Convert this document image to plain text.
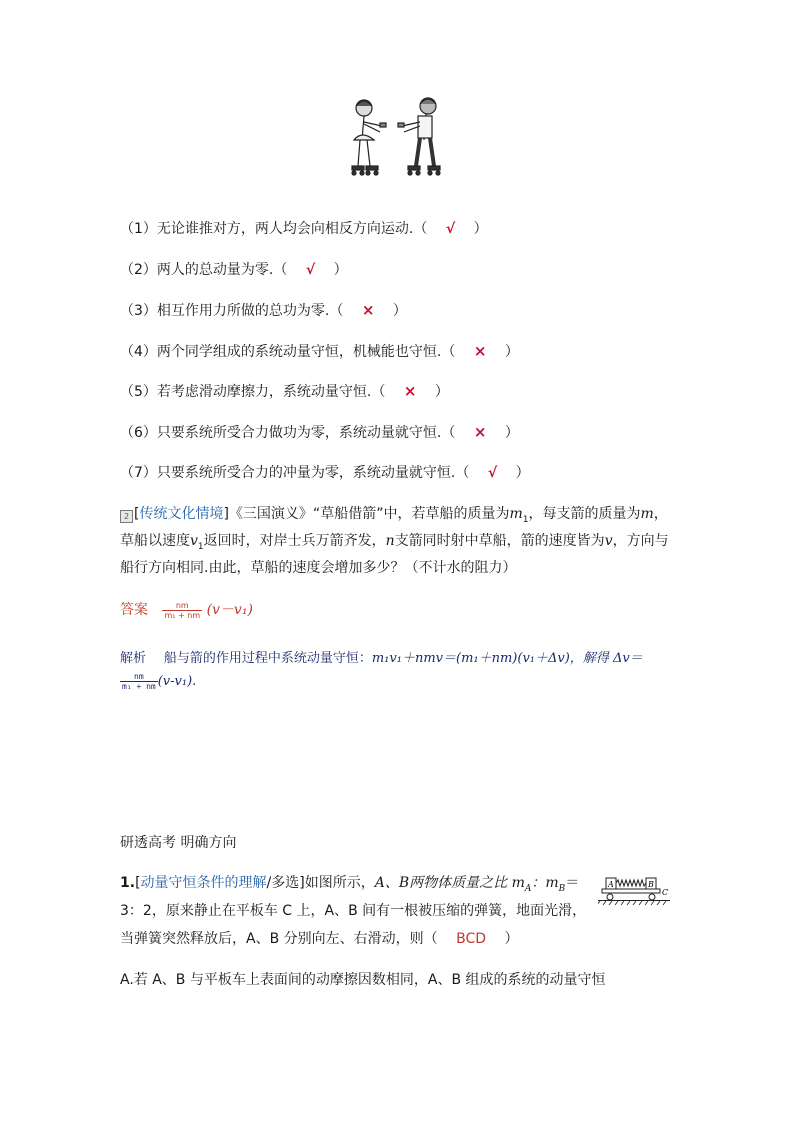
（1）无论谁推对方，两人均会向相反方向运动.（ √ ）
（2）两人的总动量为零.（ √ ）
（3）相互作用力所做的总功为零.（ × ）
（4）两个同学组成的系统动量守恒，机械能也守恒.（ × ）
（5）若考虑滑动摩擦力，系统动量守恒.（ × ）
（6）只要系统所受合力做功为零，系统动量就守恒.（ × ）
（7）只要系统所受合力的冲量为零，系统动量就守恒.（ √ ）
2 [传统文化情境]《三国演义》“草船借箭”中，若草船的质量为$m_1$，每支箭的质量为m，
草船以速度$v_1$返回时，对岸士兵万箭齐发，n支箭同时射中草船，箭的速度皆为v，方向与
船行方向相同.由此，草船的速度会增加多少？（不计水的阻力）
答案 $\frac{nm}{\text{m₁ + nm}} (v-v_1)$
解析 船与箭的作用过程中系统动量守恒：m₁v₁＋nmv＝(m₁＋nm)(v₁＋Δv)，解得 Δv＝
$\frac{nm}{\text{m₁ + nm}} (v-v_1)$.
研透高考 明确方向
1.[动量守恒条件的理解/多选]如图所示，A、B两物体质量之比 $m_A$：$m_B=$
3：2，原来静止在平板车 C 上，A、B 间有一根被压缩的弹簧，地面光滑，
当弹簧突然释放后，A、B 分别向左、右滑动，则（ BCD ）
A	B
C
A.若 A、B 与平板车上表面间的动摩擦因数相同，A、B 组成的系统的动量守恒
